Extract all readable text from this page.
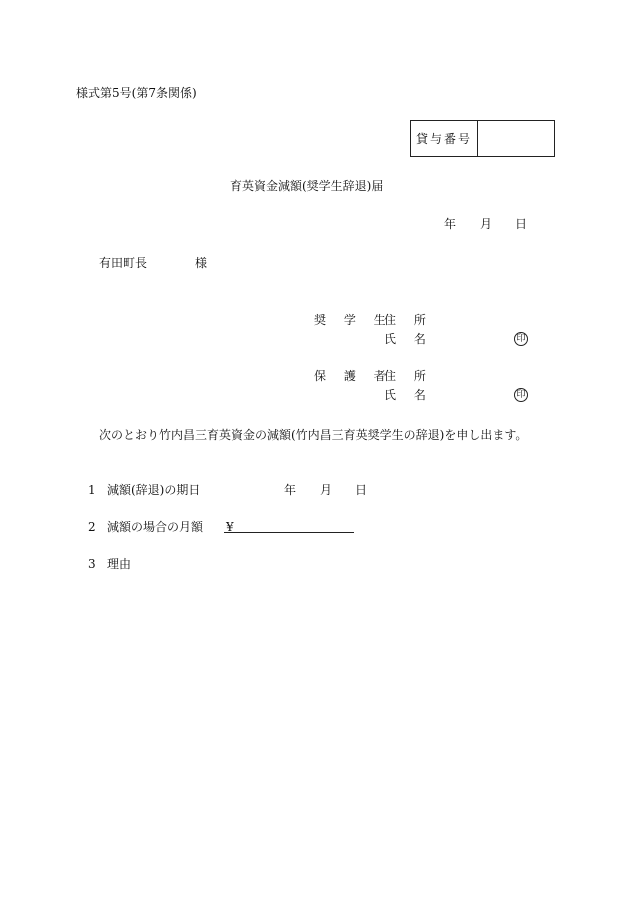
様式第5号(第7条関係)
貸与番号
育英資金減額(奨学生辞退)届
年 月 日
有田町長	様
奨 学 生
住 所
氏 名	印
保 護 者
住 所
氏 名	印
次のとおり竹内昌三育英資金の減額(竹内昌三育英奨学生の辞退)を申し出ます。
1 減額(辞退)の期日	年 月 日
2 減額の場合の月額 ¥
3 理由
